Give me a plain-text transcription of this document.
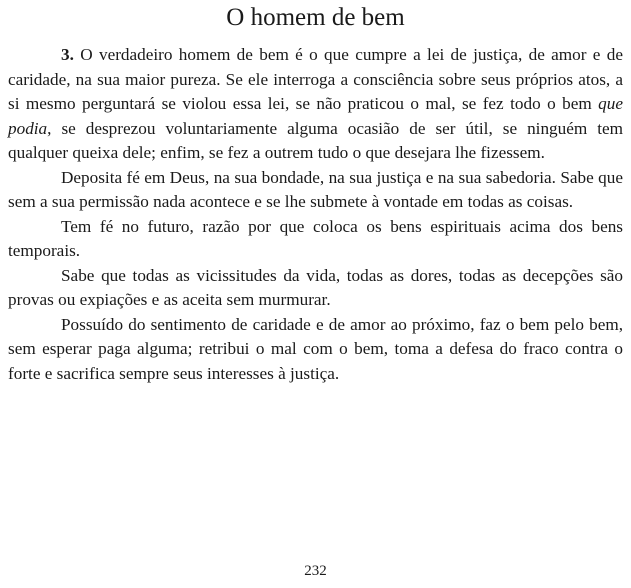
O homem de bem

3. O verdadeiro homem de bem é o que cumpre a lei de justiça, de amor e de caridade, na sua maior pureza. Se ele interroga a consciência sobre seus próprios atos, a si mesmo perguntará se violou essa lei, se não praticou o mal, se fez todo o bem que podia, se desprezou voluntariamente alguma ocasião de ser útil, se ninguém tem qualquer queixa dele; enfim, se fez a outrem tudo o que desejara lhe fizessem.

Deposita fé em Deus, na sua bondade, na sua justiça e na sua sabedoria. Sabe que sem a sua permissão nada acontece e se lhe submete à vontade em todas as coisas.

Tem fé no futuro, razão por que coloca os bens espirituais acima dos bens temporais.

Sabe que todas as vicissitudes da vida, todas as dores, todas as decepções são provas ou expiações e as aceita sem murmurar.

Possuído do sentimento de caridade e de amor ao próximo, faz o bem pelo bem, sem esperar paga alguma; retribui o mal com o bem, toma a defesa do fraco contra o forte e sacrifica sempre seus interesses à justiça.

232
